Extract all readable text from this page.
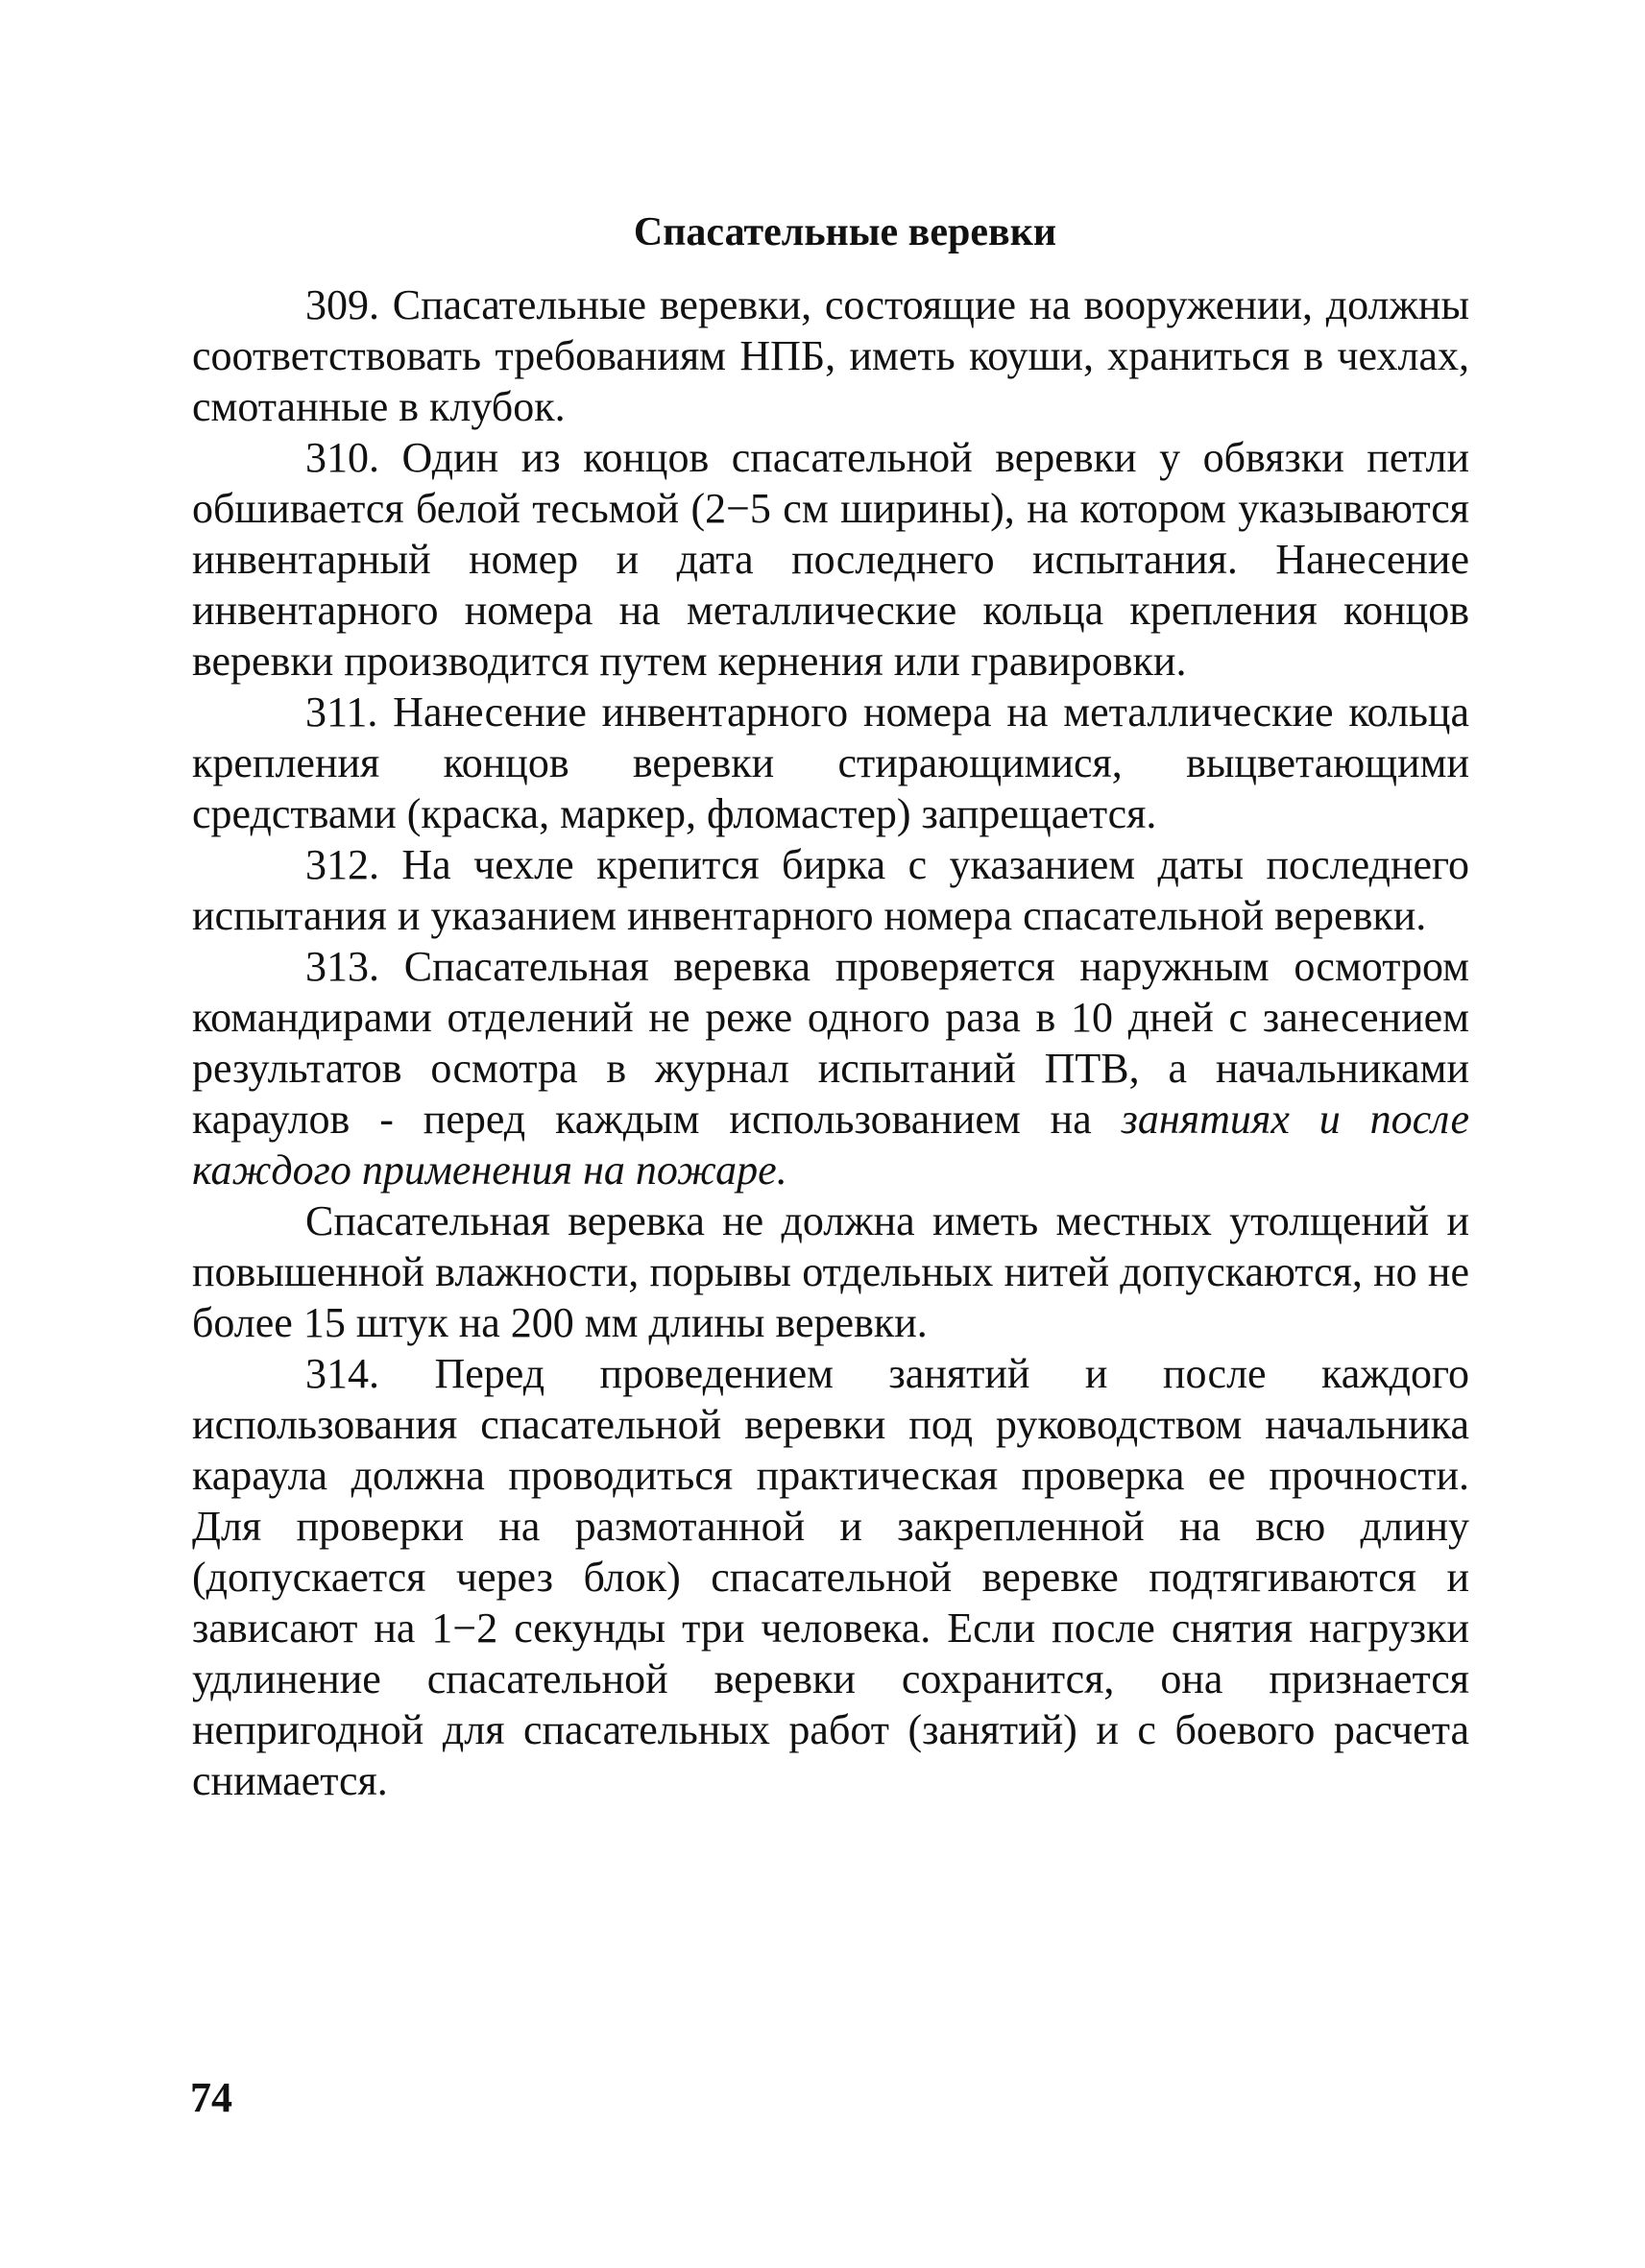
Спасательные веревки

309. Спасательные веревки, состоящие на вооружении, должны соответствовать требованиям НПБ, иметь коуши, храниться в чехлах, смотанные в клубок.

310. Один из концов спасательной веревки у обвязки петли обшивается белой тесьмой (2−5 см ширины), на котором указываются инвентарный номер и дата последнего испытания. Нанесение инвентарного номера на металлические кольца крепления концов веревки производится путем кернения или гравировки.

311. Нанесение инвентарного номера на металлические кольца крепления концов веревки стирающимися, выцветающими средствами (краска, маркер, фломастер) запрещается.

312. На чехле крепится бирка с указанием даты последнего испытания и указанием инвентарного номера спасательной веревки.

313. Спасательная веревка проверяется наружным осмотром командирами отделений не реже одного раза в 10 дней с занесением результатов осмотра в журнал испытаний ПТВ, а начальниками караулов - перед каждым использованием на занятиях и после каждого применения на пожаре.

Спасательная веревка не должна иметь местных утолщений и повышенной влажности, порывы отдельных нитей допускаются, но не более 15 штук на 200 мм длины веревки.

314. Перед проведением занятий и после каждого использования спасательной веревки под руководством начальника караула должна проводиться практическая проверка ее прочности. Для проверки на размотанной и закрепленной на всю длину (допускается через блок) спасательной веревке подтягиваются и зависают на 1−2 секунды три человека. Если после снятия нагрузки удлинение спасательной веревки сохранится, она признается непригодной для спасательных работ (занятий) и с боевого расчета снимается.

74
